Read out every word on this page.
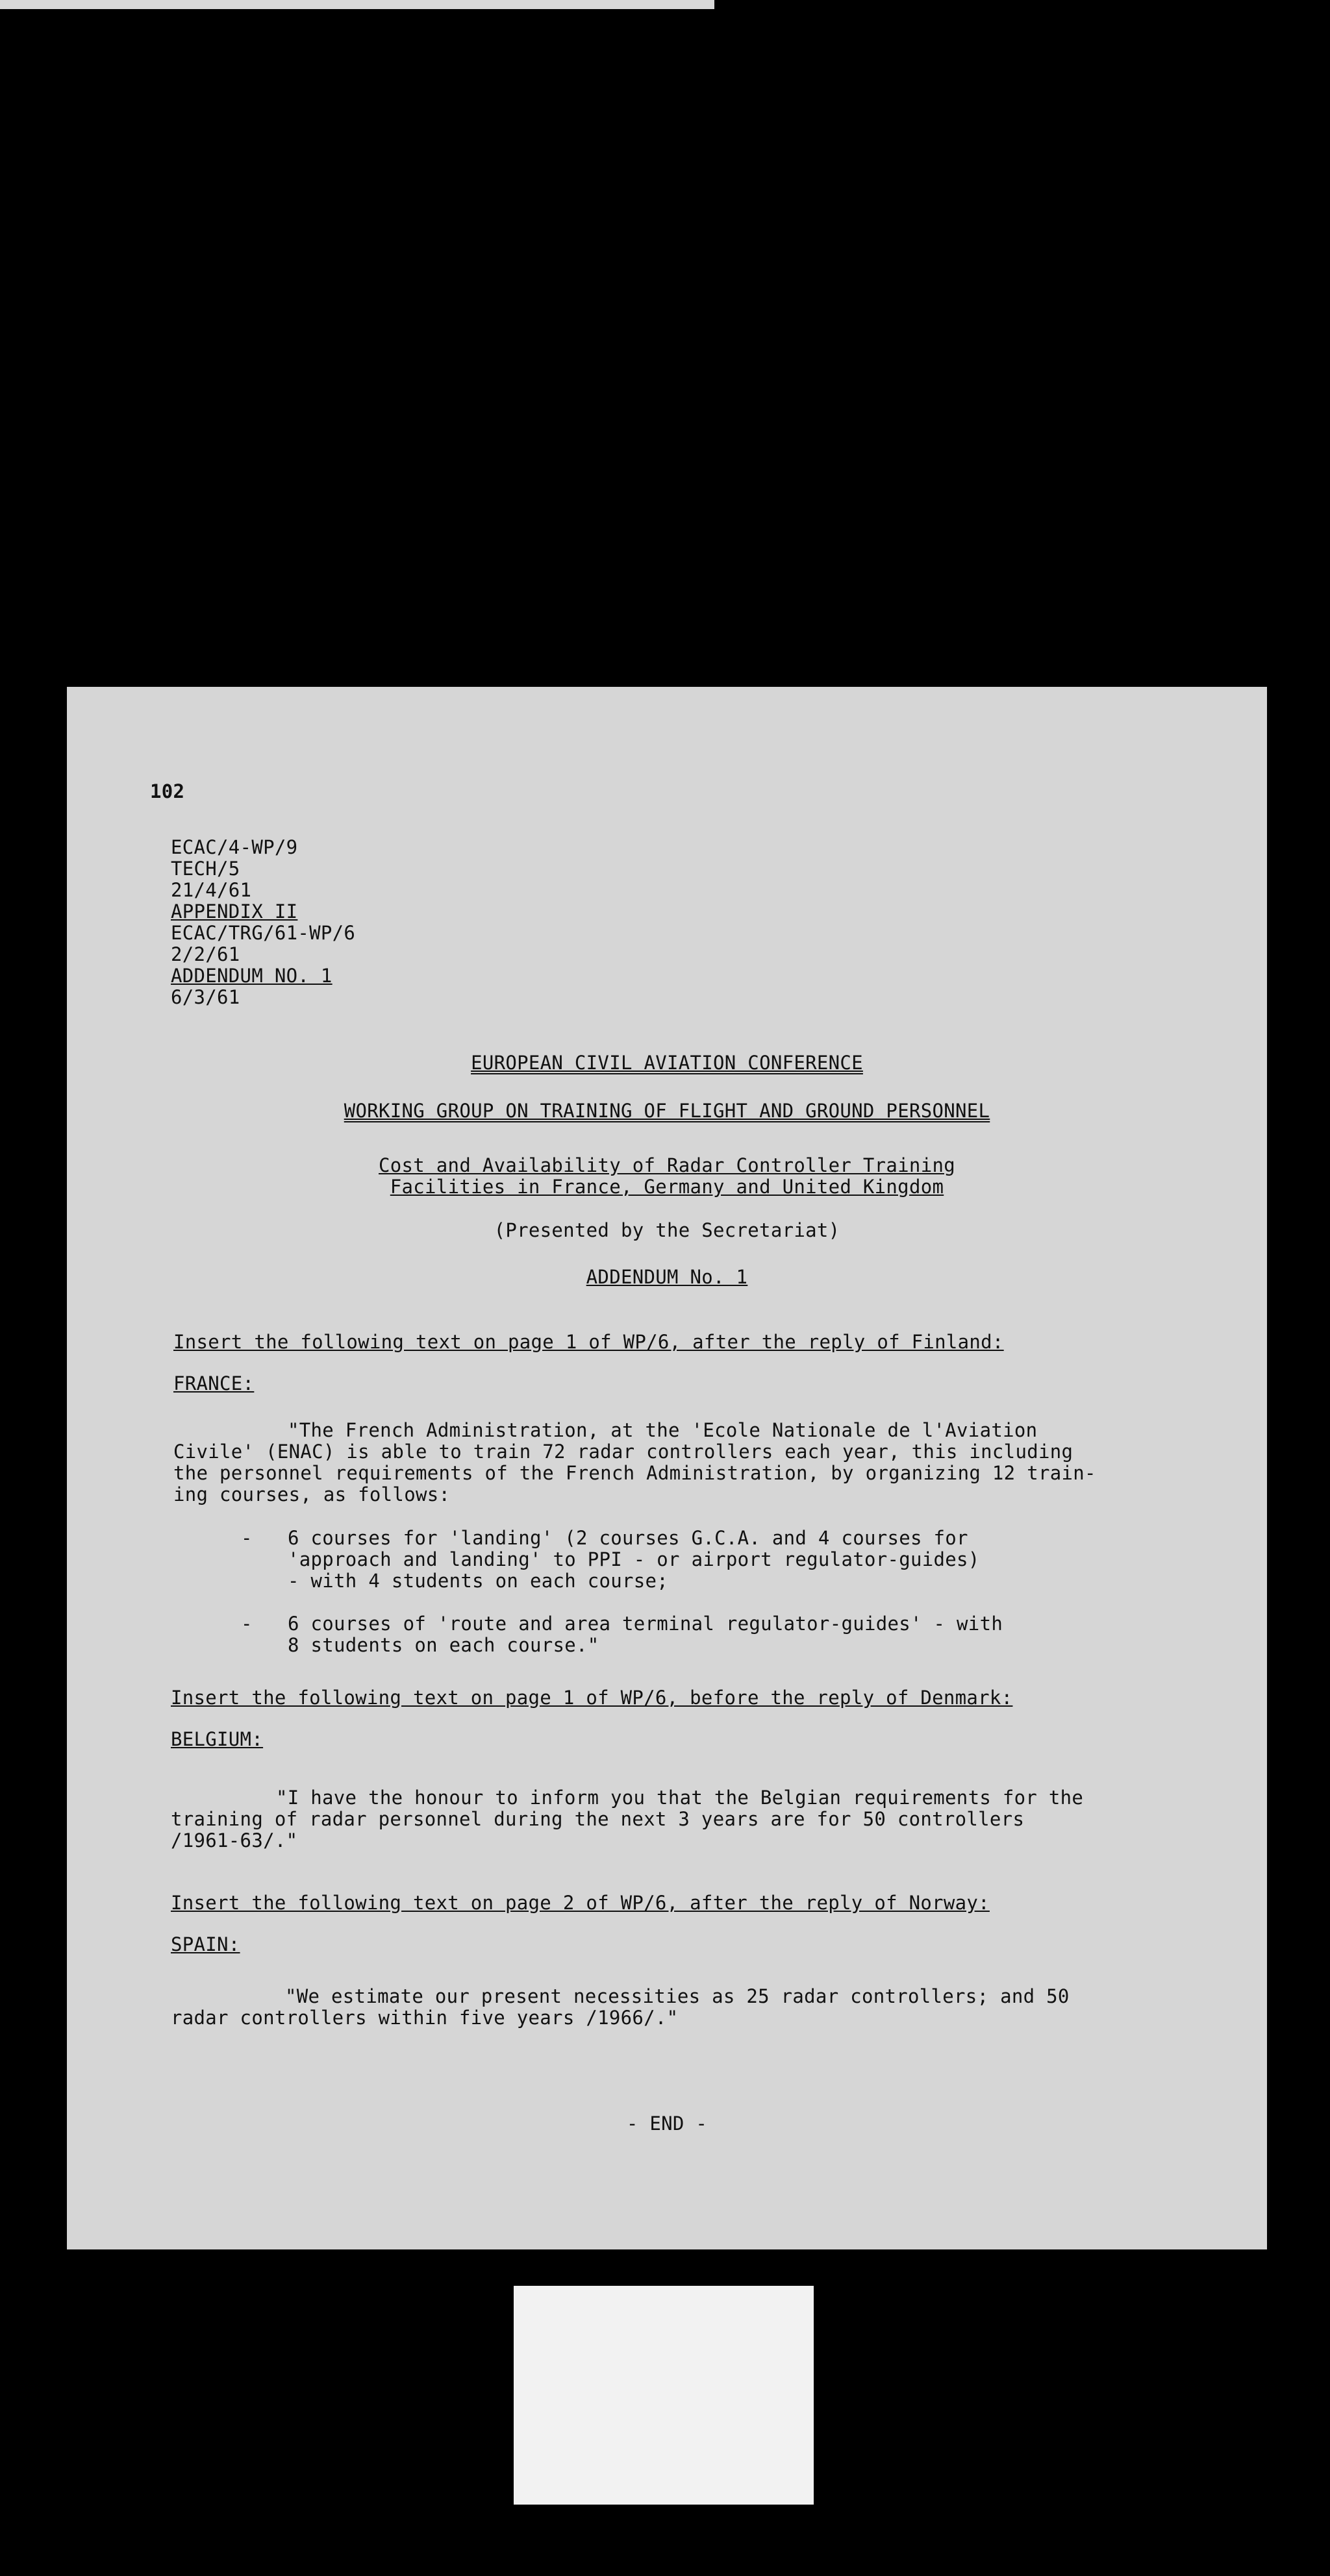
102
ECAC/4-WP/9
TECH/5
21/4/61
APPENDIX II
ECAC/TRG/61-WP/6
2/2/61
ADDENDUM NO. 1
6/3/61
EUROPEAN CIVIL AVIATION CONFERENCE
WORKING GROUP ON TRAINING OF FLIGHT AND GROUND PERSONNEL
Cost and Availability of Radar Controller Training
Facilities in France, Germany and United Kingdom
(Presented by the Secretariat)
ADDENDUM No. 1
Insert the following text on page 1 of WP/6, after the reply of Finland:
FRANCE:
"The French Administration, at the 'Ecole Nationale de l'Aviation
Civile' (ENAC) is able to train 72 radar controllers each year, this including
the personnel requirements of the French Administration, by organizing 12 train-
ing courses, as follows:
- 6 courses for 'landing' (2 courses G.C.A. and 4 courses for
'approach and landing' to PPI - or airport regulator-guides)
- with 4 students on each course;
- 6 courses of 'route and area terminal regulator-guides' - with
8 students on each course."
Insert the following text on page 1 of WP/6, before the reply of Denmark:
BELGIUM:
"I have the honour to inform you that the Belgian requirements for the
training of radar personnel during the next 3 years are for 50 controllers
/1961-63/."
Insert the following text on page 2 of WP/6, after the reply of Norway:
SPAIN:
"We estimate our present necessities as 25 radar controllers; and 50
radar controllers within five years /1966/."
- END -
